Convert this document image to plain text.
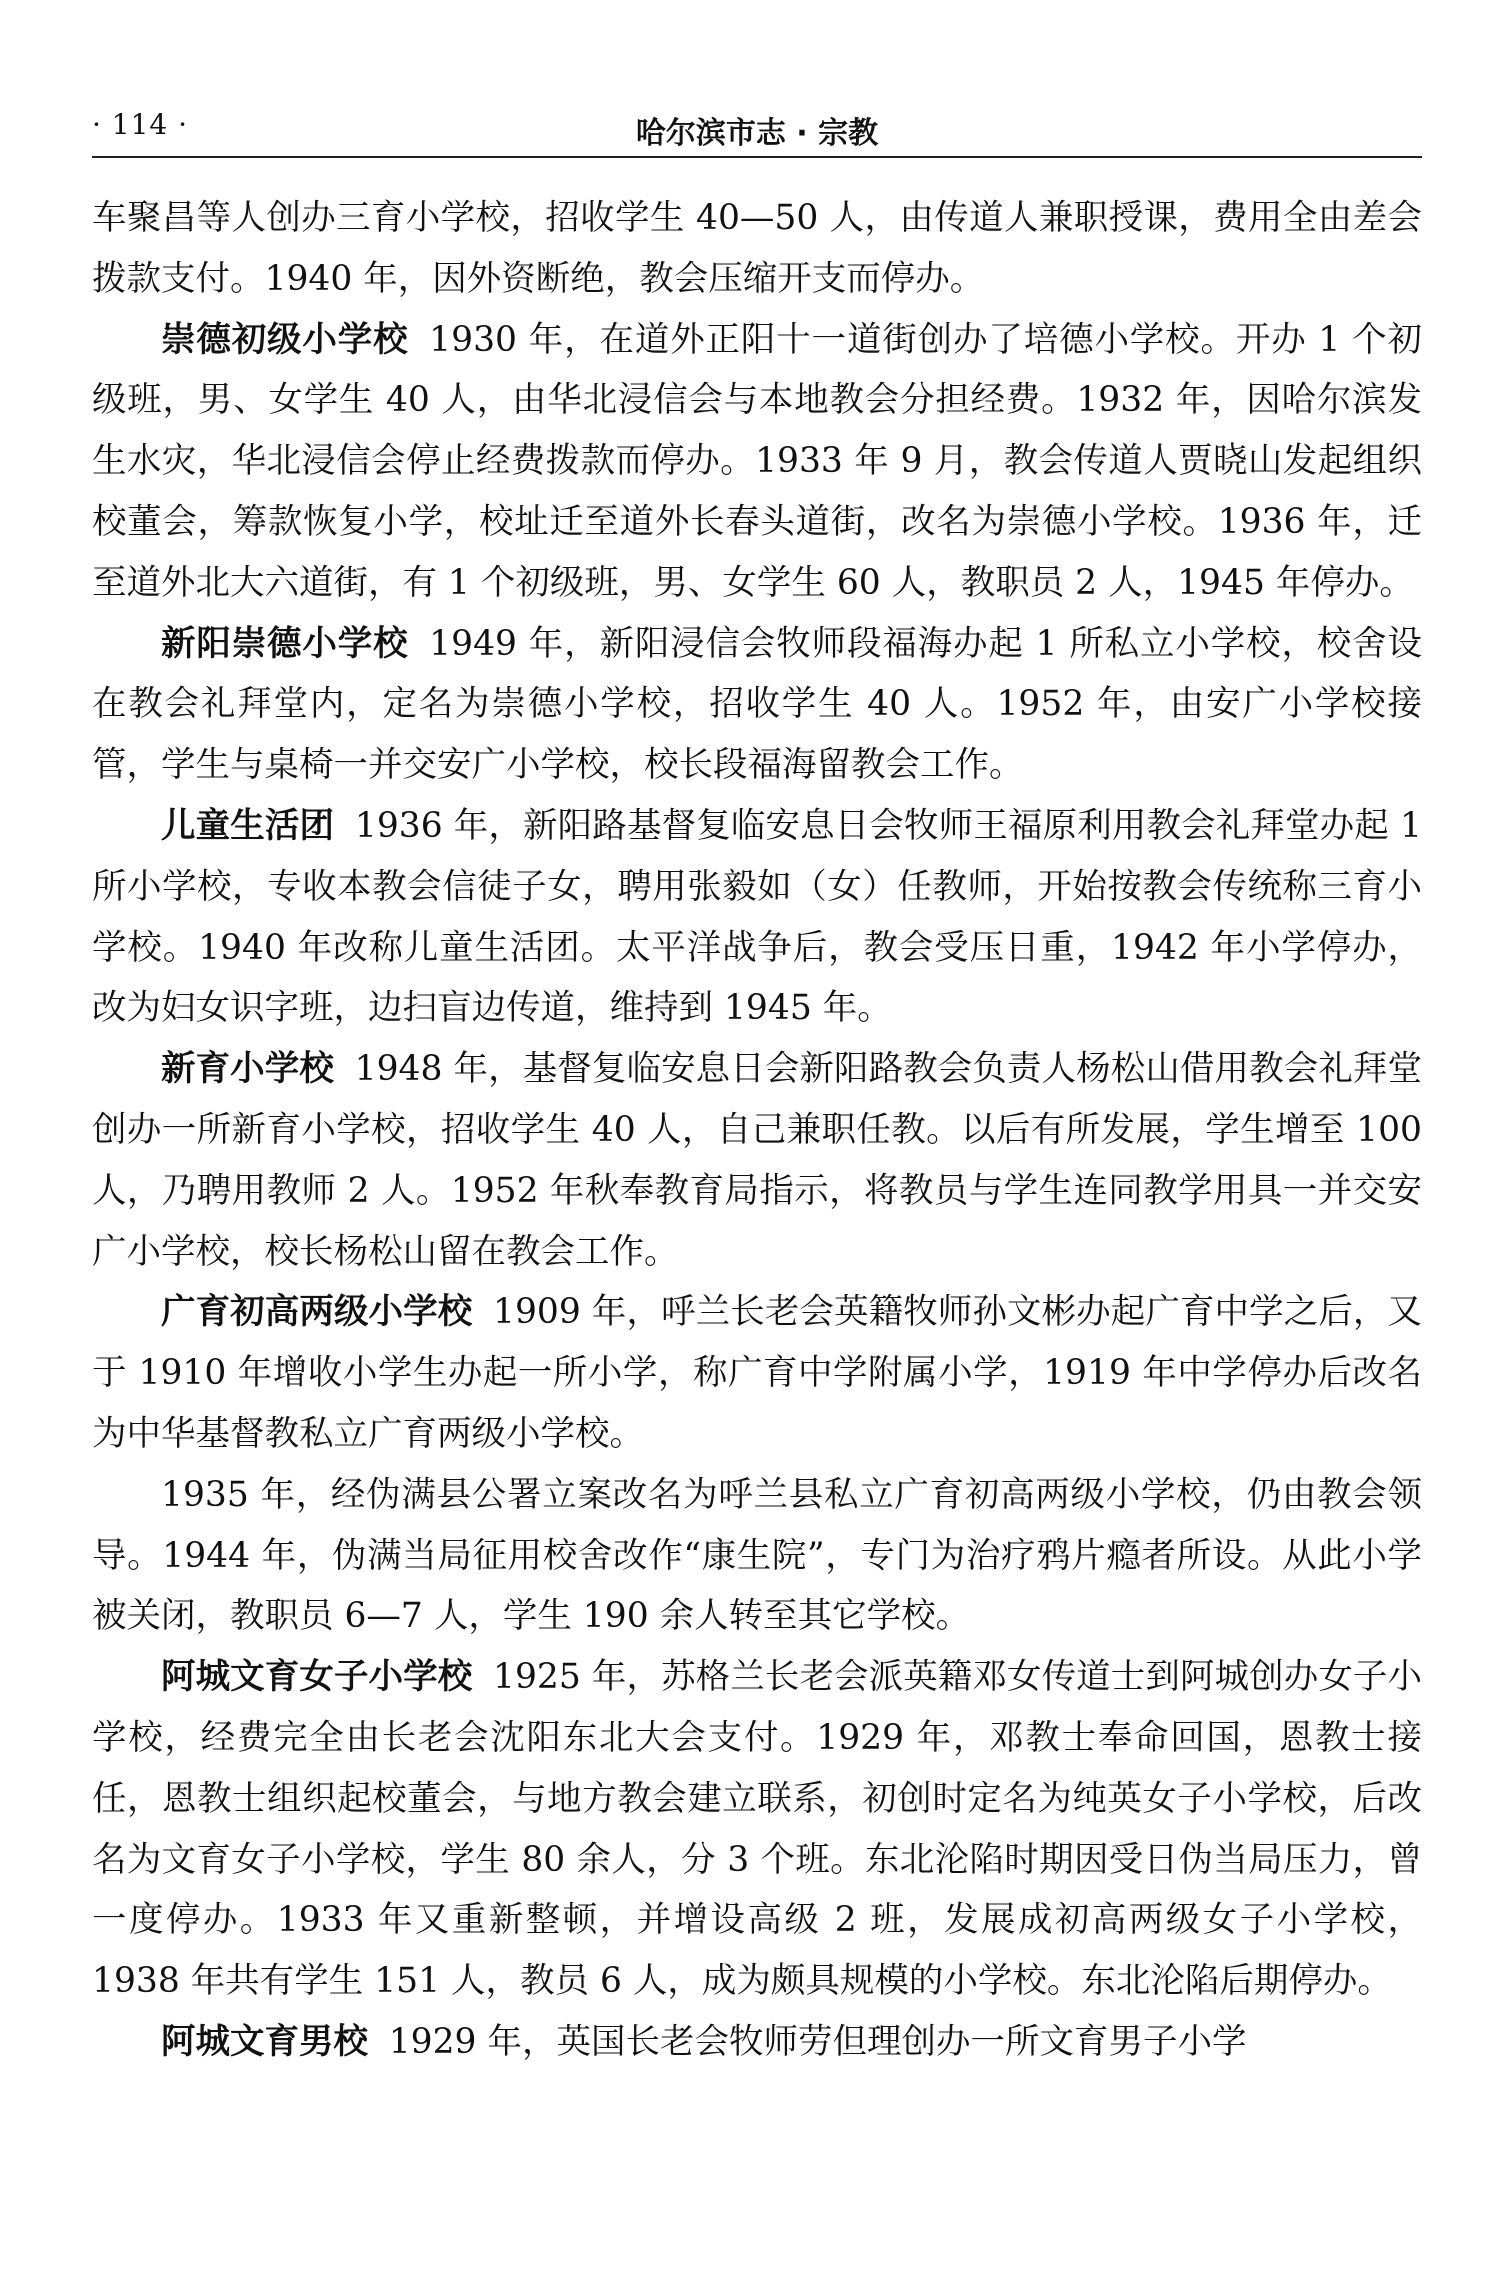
· 114 ·	哈尔滨市志 · 宗教

车聚昌等人创办三育小学校，招收学生 40—50 人，由传道人兼职授课，费用全由差会拨款支付。1940 年，因外资断绝，教会压缩开支而停办。

崇德初级小学校 1930 年，在道外正阳十一道街创办了培德小学校。开办 1 个初级班，男、女学生 40 人，由华北浸信会与本地教会分担经费。1932 年，因哈尔滨发生水灾，华北浸信会停止经费拨款而停办。1933 年 9 月，教会传道人贾晓山发起组织校董会，筹款恢复小学，校址迁至道外长春头道街，改名为崇德小学校。1936 年，迁至道外北大六道街，有 1 个初级班，男、女学生 60 人，教职员 2 人，1945 年停办。

新阳崇德小学校 1949 年，新阳浸信会牧师段福海办起 1 所私立小学校，校舍设在教会礼拜堂内，定名为崇德小学校，招收学生 40 人。1952 年，由安广小学校接管，学生与桌椅一并交安广小学校，校长段福海留教会工作。

儿童生活团 1936 年，新阳路基督复临安息日会牧师王福原利用教会礼拜堂办起 1 所小学校，专收本教会信徒子女，聘用张毅如（女）任教师，开始按教会传统称三育小学校。1940 年改称儿童生活团。太平洋战争后，教会受压日重，1942 年小学停办，改为妇女识字班，边扫盲边传道，维持到 1945 年。

新育小学校 1948 年，基督复临安息日会新阳路教会负责人杨松山借用教会礼拜堂创办一所新育小学校，招收学生 40 人，自己兼职任教。以后有所发展，学生增至 100 人，乃聘用教师 2 人。1952 年秋奉教育局指示，将教员与学生连同教学用具一并交安广小学校，校长杨松山留在教会工作。

广育初高两级小学校 1909 年，呼兰长老会英籍牧师孙文彬办起广育中学之后，又于 1910 年增收小学生办起一所小学，称广育中学附属小学，1919 年中学停办后改名为中华基督教私立广育两级小学校。

1935 年，经伪满县公署立案改名为呼兰县私立广育初高两级小学校，仍由教会领导。1944 年，伪满当局征用校舍改作“康生院”，专门为治疗鸦片瘾者所设。从此小学被关闭，教职员 6—7 人，学生 190 余人转至其它学校。

阿城文育女子小学校 1925 年，苏格兰长老会派英籍邓女传道士到阿城创办女子小学校，经费完全由长老会沈阳东北大会支付。1929 年，邓教士奉命回国，恩教士接任，恩教士组织起校董会，与地方教会建立联系，初创时定名为纯英女子小学校，后改名为文育女子小学校，学生 80 余人，分 3 个班。东北沦陷时期因受日伪当局压力，曾一度停办。1933 年又重新整顿，并增设高级 2 班，发展成初高两级女子小学校，1938 年共有学生 151 人，教员 6 人，成为颇具规模的小学校。东北沦陷后期停办。

阿城文育男校 1929 年，英国长老会牧师劳但理创办一所文育男子小学
